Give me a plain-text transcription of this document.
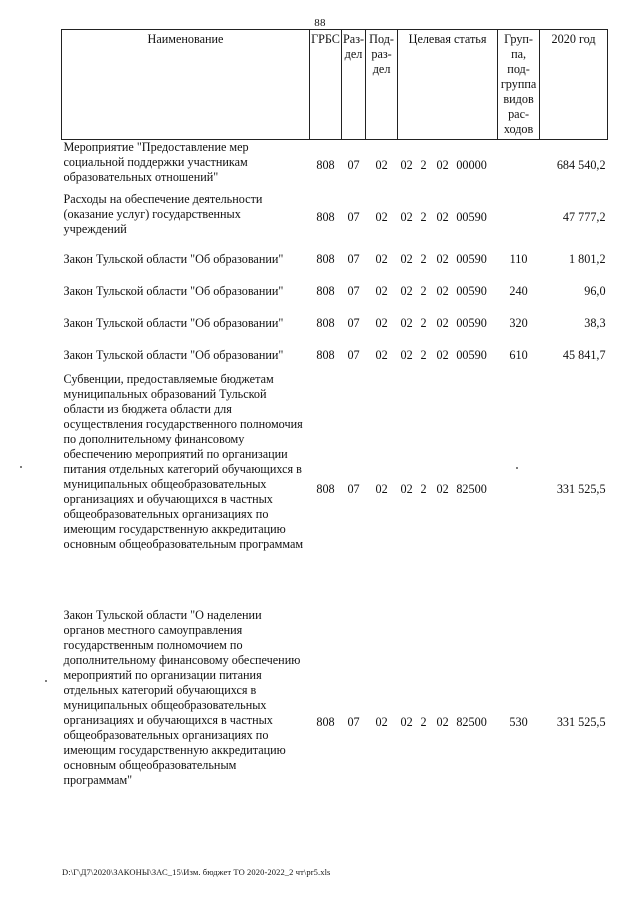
88
Наименование	ГРБС	Раз-дел	Под-раз-дел	Целевая статья	Груп-па, под-группа видов рас-ходов	2020 год
Мероприятие "Предоставление мер социальной поддержки участникам образовательных отношений"	808	07	02	02 2 02 00000		684 540,2
Расходы на обеспечение деятельности (оказание услуг) государственных учреждений	808	07	02	02 2 02 00590		47 777,2
Закон Тульской области "Об образовании"	808	07	02	02 2 02 00590	110	1 801,2
Закон Тульской области "Об образовании"	808	07	02	02 2 02 00590	240	96,0
Закон Тульской области "Об образовании"	808	07	02	02 2 02 00590	320	38,3
Закон Тульской области "Об образовании"	808	07	02	02 2 02 00590	610	45 841,7
Субвенции, предоставляемые бюджетам муниципальных образований Тульской области из бюджета области для осуществления государственного полномочия по дополнительному финансовому обеспечению мероприятий по организации питания отдельных категорий обучающихся в муниципальных общеобразовательных организациях и обучающихся в частных общеобразовательных организациях по имеющим государственную аккредитацию основным общеобразовательным программам	808	07	02	02 2 02 82500		331 525,5
Закон Тульской области "О наделении органов местного самоуправления государственным полномочием по дополнительному финансовому обеспечению мероприятий по организации питания отдельных категорий обучающихся в муниципальных общеобразовательных организациях и обучающихся в частных общеобразовательных организациях по имеющим государственную аккредитацию основным общеобразовательным программам"	808	07	02	02 2 02 82500	530	331 525,5
D:\Г\Д7\2020\ЗАКОНЫ\ЗАС_15\Изм. бюджет ТО 2020-2022_2 чт\pr5.xls
